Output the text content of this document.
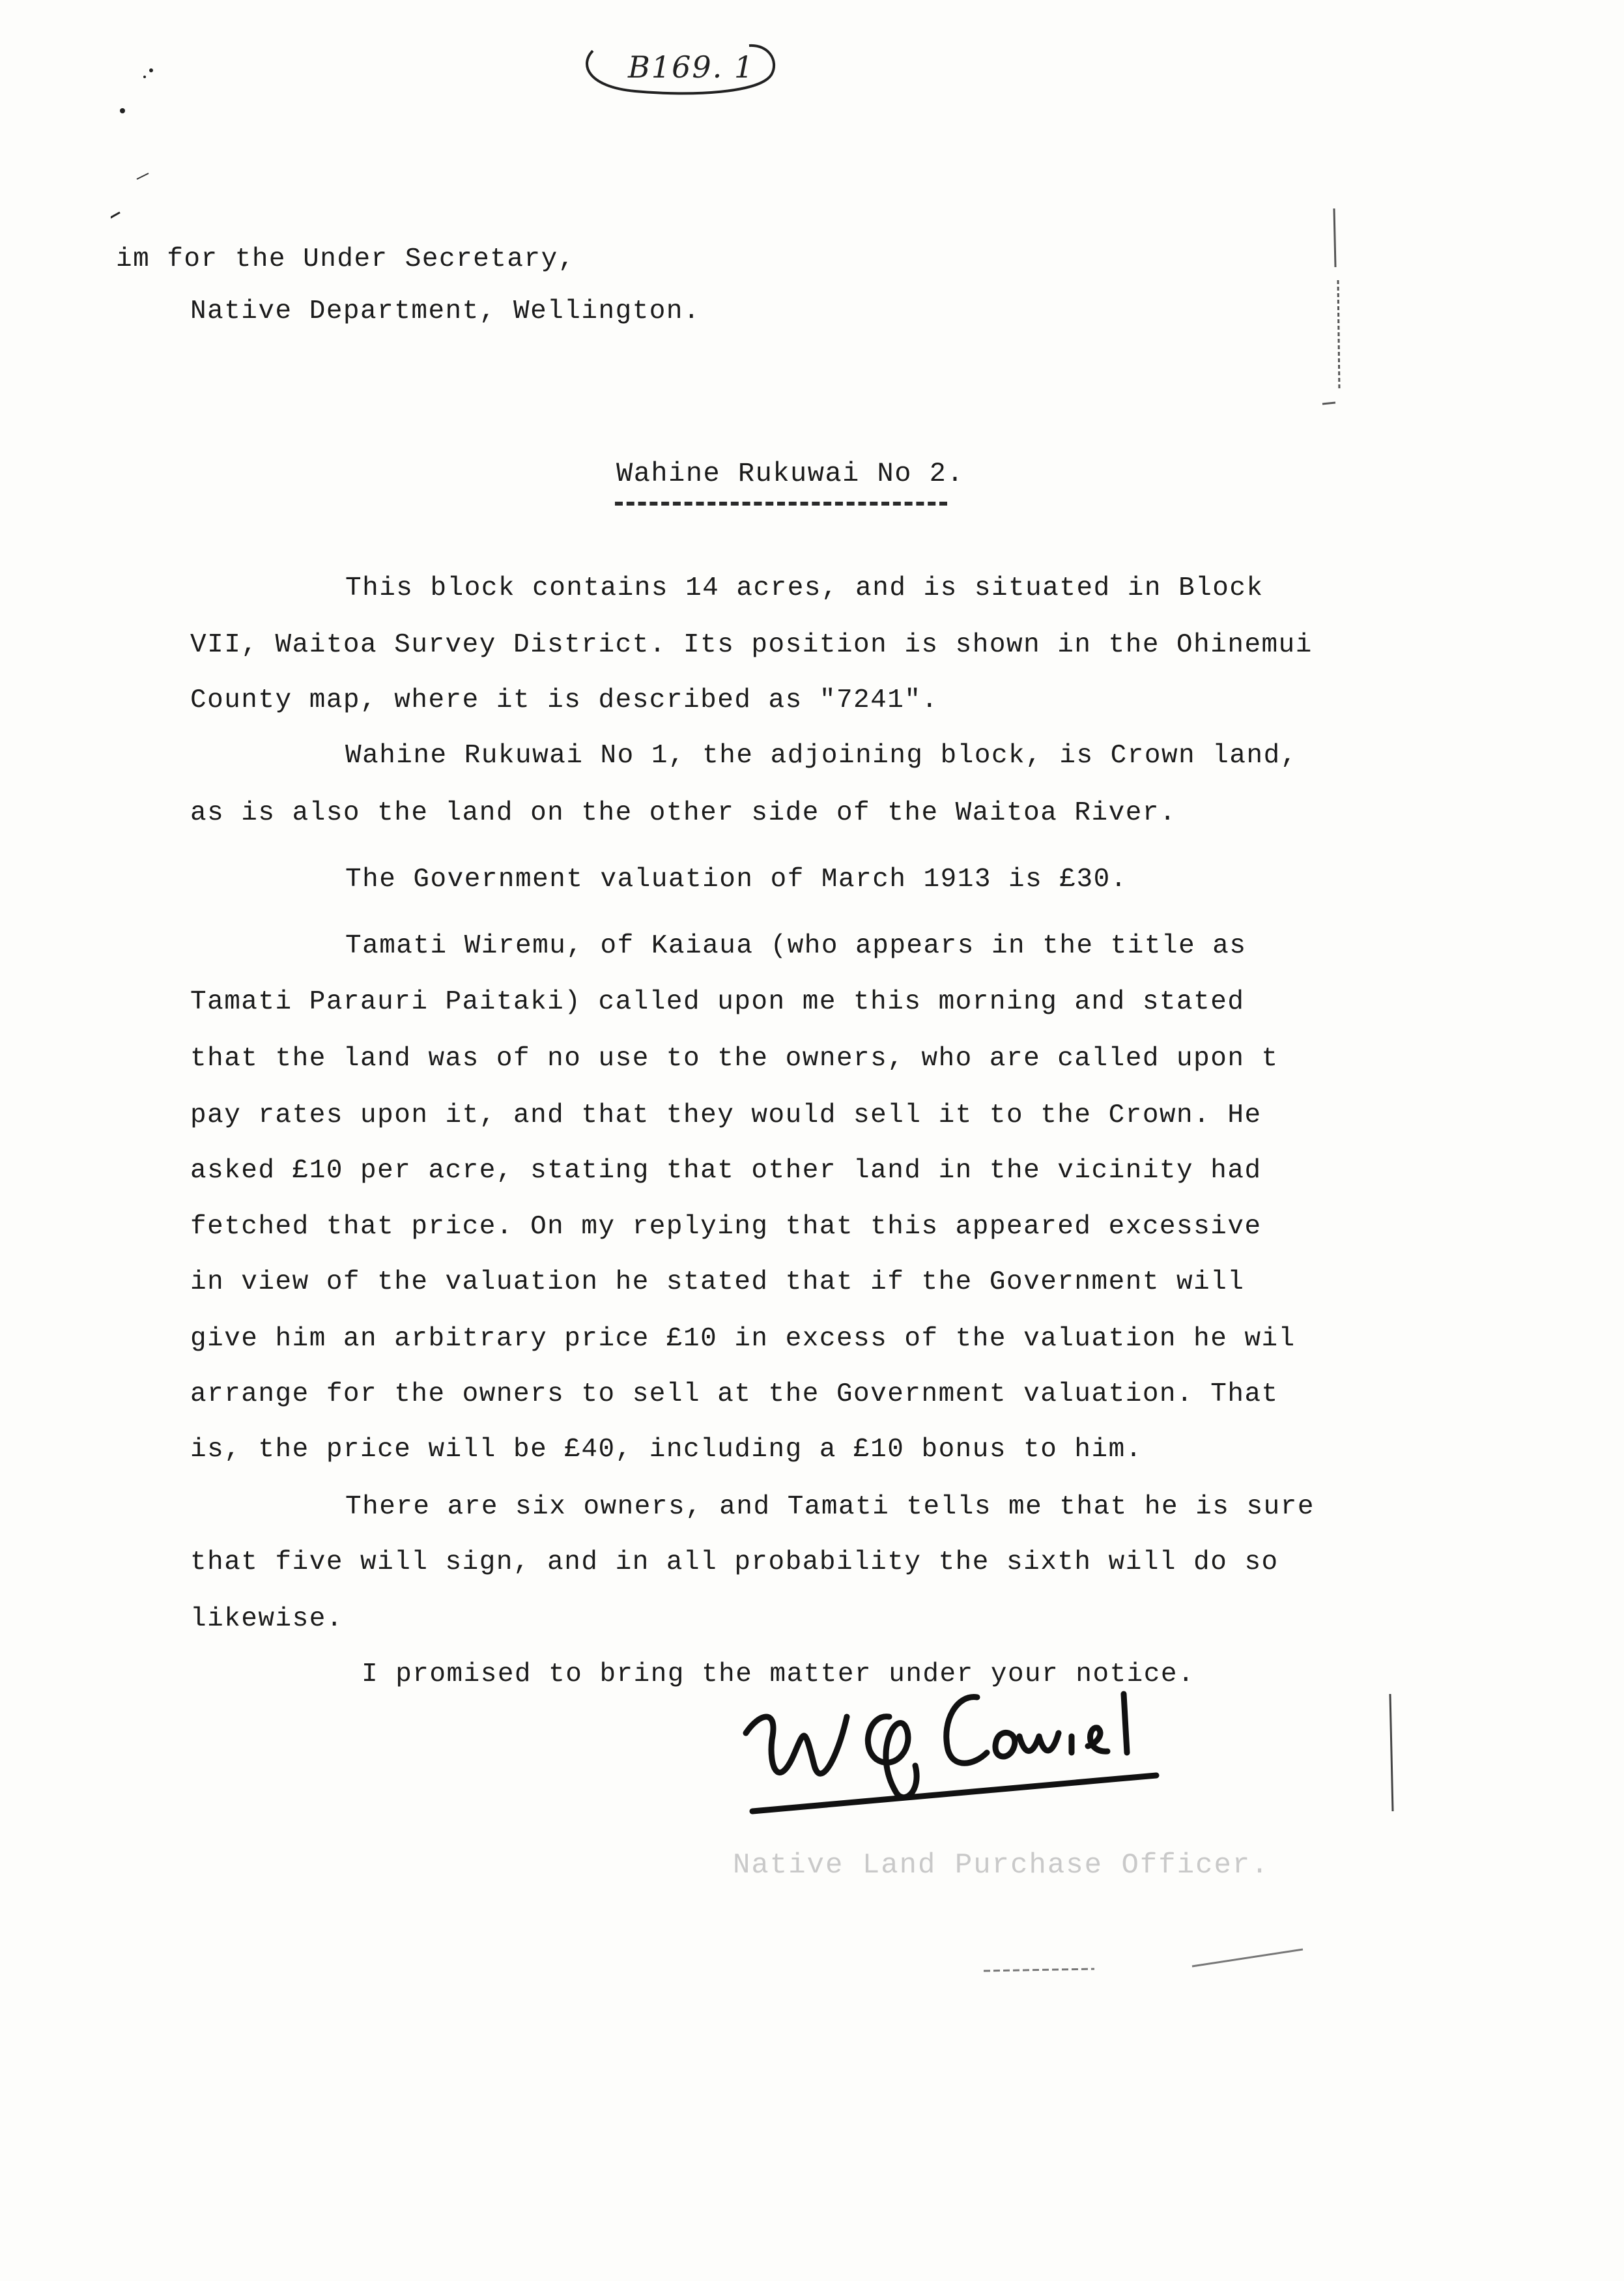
B169. 1
im for the Under Secretary,
Native Department, Wellington.
Wahine Rukuwai No 2.
This block contains 14 acres, and is situated in Block
VII, Waitoa Survey District. Its position is shown in the Ohinemui
County map, where it is described as "7241".
Wahine Rukuwai No 1, the adjoining block, is Crown land,
as is also the land on the other side of the Waitoa River.
The Government valuation of March 1913 is £30.
Tamati Wiremu, of Kaiaua (who appears in the title as
Tamati Parauri Paitaki) called upon me this morning and stated
that the land was of no use to the owners, who are called upon t
pay rates upon it, and that they would sell it to the Crown. He
asked £10 per acre, stating that other land in the vicinity had
fetched that price. On my replying that this appeared excessive
in view of the valuation he stated that if the Government will
give him an arbitrary price £10 in excess of the valuation he wil
arrange for the owners to sell at the Government valuation. That
is, the price will be £40, including a £10 bonus to him.
There are six owners, and Tamati tells me that he is sure
that five will sign, and in all probability the sixth will do so
likewise.
I promised to bring the matter under your notice.
Native Land Purchase Officer.
